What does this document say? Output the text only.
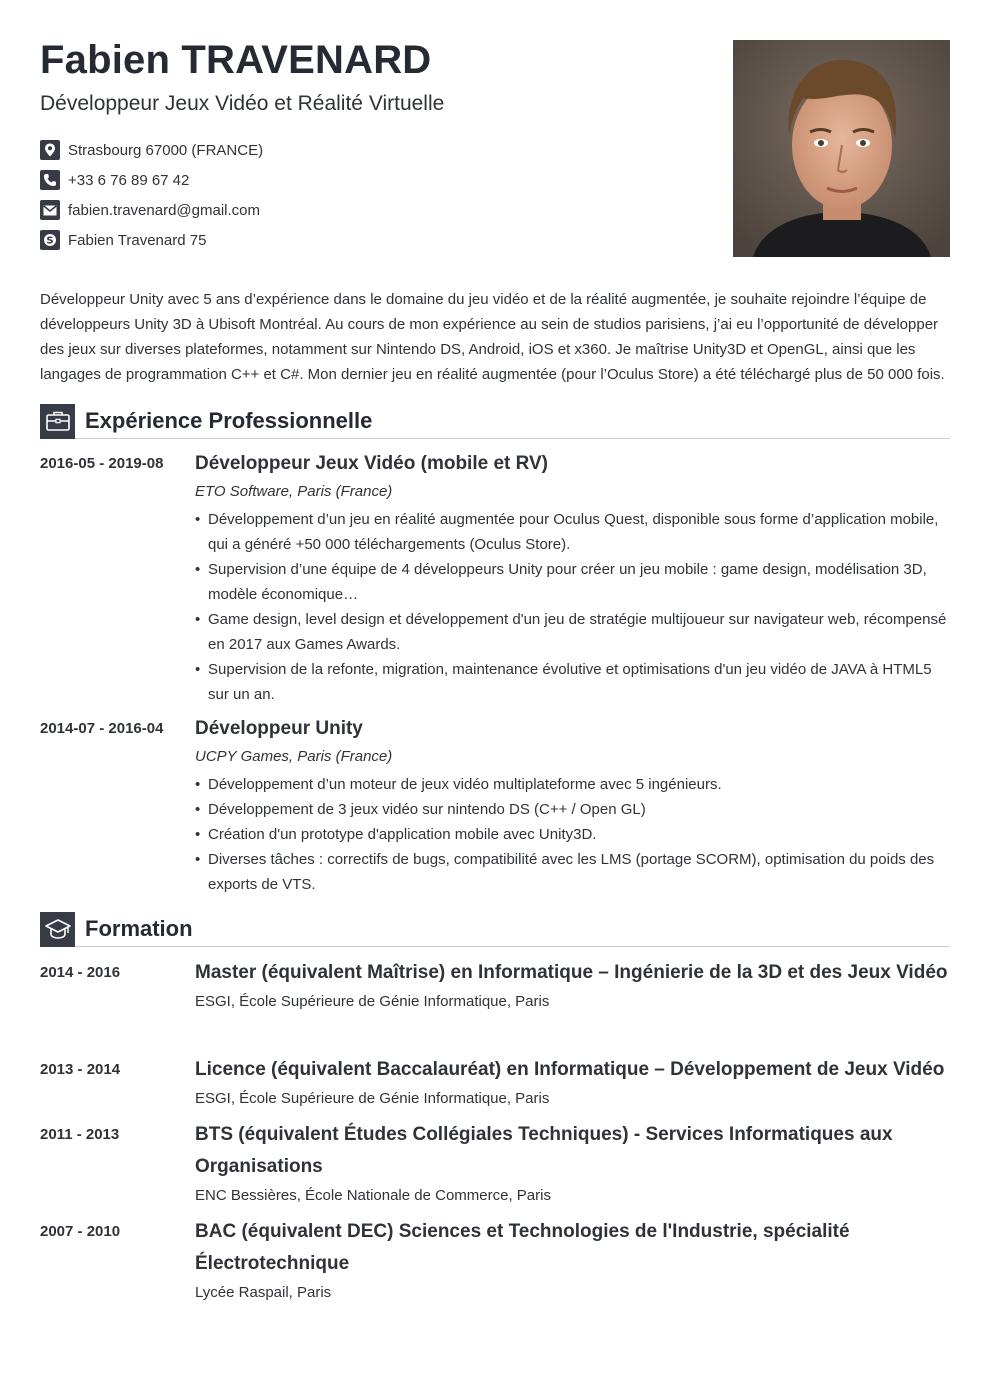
Fabien TRAVENARD
Développeur Jeux Vidéo et Réalité Virtuelle
Strasbourg 67000 (FRANCE)
+33 6 76 89 67 42
fabien.travenard@gmail.com
S Fabien Travenard 75

Développeur Unity avec 5 ans d’expérience dans le domaine du jeu vidéo et de la réalité augmentée, je souhaite rejoindre l’équipe de développeurs Unity 3D à Ubisoft Montréal. Au cours de mon expérience au sein de studios parisiens, j’ai eu l’opportunité de développer des jeux sur diverses plateformes, notamment sur Nintendo DS, Android, iOS et x360. Je maîtrise Unity3D et OpenGL, ainsi que les langages de programmation C++ et C#. Mon dernier jeu en réalité augmentée (pour l’Oculus Store) a été téléchargé plus de 50 000 fois.

Expérience Professionnelle
2016-05 - 2019-08 Développeur Jeux Vidéo (mobile et RV)
ETO Software, Paris (France)
• Développement d’un jeu en réalité augmentée pour Oculus Quest, disponible sous forme d’application mobile, qui a généré +50 000 téléchargements (Oculus Store).
• Supervision d’une équipe de 4 développeurs Unity pour créer un jeu mobile : game design, modélisation 3D, modèle économique…
• Game design, level design et développement d'un jeu de stratégie multijoueur sur navigateur web, récompensé en 2017 aux Games Awards.
• Supervision de la refonte, migration, maintenance évolutive et optimisations d'un jeu vidéo de JAVA à HTML5 sur un an.
2014-07 - 2016-04 Développeur Unity
UCPY Games, Paris (France)
• Développement d’un moteur de jeux vidéo multiplateforme avec 5 ingénieurs.
• Développement de 3 jeux vidéo sur nintendo DS (C++ / Open GL)
• Création d'un prototype d'application mobile avec Unity3D.
• Diverses tâches : correctifs de bugs, compatibilité avec les LMS (portage SCORM), optimisation du poids des exports de VTS.
Formation
2014 - 2016	Master (équivalent Maîtrise) en Informatique – Ingénierie de la 3D et des Jeux Vidéo
ESGI, École Supérieure de Génie Informatique, Paris
2013 - 2014	Licence (équivalent Baccalauréat) en Informatique – Développement de Jeux Vidéo
ESGI, École Supérieure de Génie Informatique, Paris
2011 - 2013	BTS (équivalent Études Collégiales Techniques) - Services Informatiques aux Organisations
ENC Bessières, École Nationale de Commerce, Paris
2007 - 2010	BAC (équivalent DEC) Sciences et Technologies de l'Industrie, spécialité Électrotechnique
Lycée Raspail, Paris
